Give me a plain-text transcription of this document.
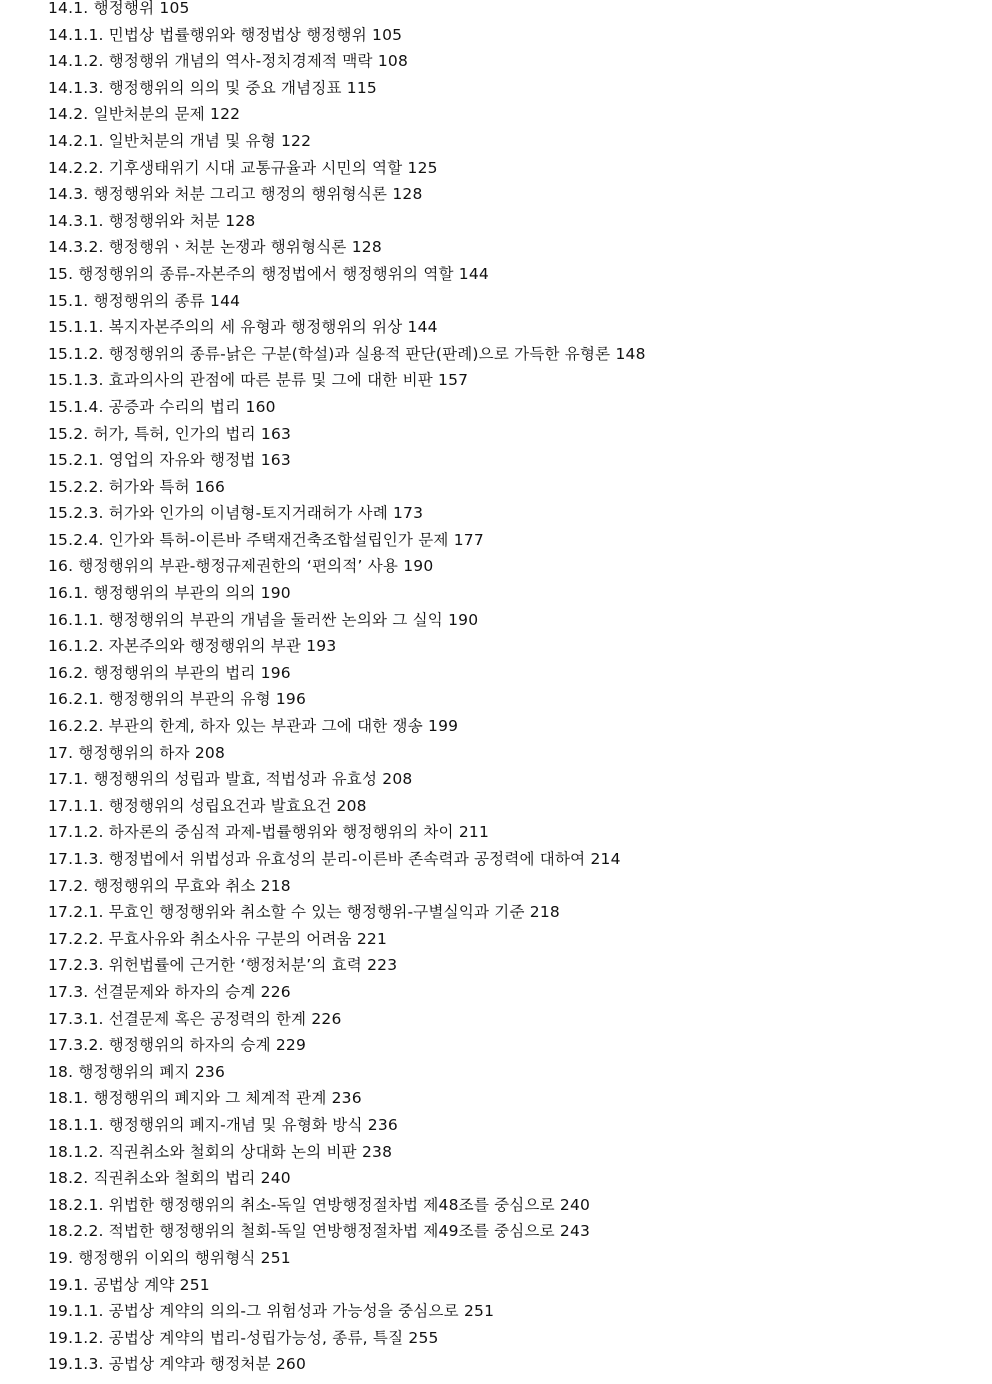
14.1. 행정행위 105
14.1.1. 민법상 법률행위와 행정법상 행정행위 105
14.1.2. 행정행위 개념의 역사-정치경제적 맥락 108
14.1.3. 행정행위의 의의 및 중요 개념징표 115
14.2. 일반처분의 문제 122
14.2.1. 일반처분의 개념 및 유형 122
14.2.2. 기후생태위기 시대 교통규율과 시민의 역할 125
14.3. 행정행위와 처분 그리고 행정의 행위형식론 128
14.3.1. 행정행위와 처분 128
14.3.2. 행정행위ㆍ처분 논쟁과 행위형식론 128
15. 행정행위의 종류-자본주의 행정법에서 행정행위의 역할 144
15.1. 행정행위의 종류 144
15.1.1. 복지자본주의의 세 유형과 행정행위의 위상 144
15.1.2. 행정행위의 종류-낡은 구분(학설)과 실용적 판단(판례)으로 가득한 유형론 148
15.1.3. 효과의사의 관점에 따른 분류 및 그에 대한 비판 157
15.1.4. 공증과 수리의 법리 160
15.2. 허가, 특허, 인가의 법리 163
15.2.1. 영업의 자유와 행정법 163
15.2.2. 허가와 특허 166
15.2.3. 허가와 인가의 이념형-토지거래허가 사례 173
15.2.4. 인가와 특허-이른바 주택재건축조합설립인가 문제 177
16. 행정행위의 부관-행정규제권한의 ‘편의적’ 사용 190
16.1. 행정행위의 부관의 의의 190
16.1.1. 행정행위의 부관의 개념을 둘러싼 논의와 그 실익 190
16.1.2. 자본주의와 행정행위의 부관 193
16.2. 행정행위의 부관의 법리 196
16.2.1. 행정행위의 부관의 유형 196
16.2.2. 부관의 한계, 하자 있는 부관과 그에 대한 쟁송 199
17. 행정행위의 하자 208
17.1. 행정행위의 성립과 발효, 적법성과 유효성 208
17.1.1. 행정행위의 성립요건과 발효요건 208
17.1.2. 하자론의 중심적 과제-법률행위와 행정행위의 차이 211
17.1.3. 행정법에서 위법성과 유효성의 분리-이른바 존속력과 공정력에 대하여 214
17.2. 행정행위의 무효와 취소 218
17.2.1. 무효인 행정행위와 취소할 수 있는 행정행위-구별실익과 기준 218
17.2.2. 무효사유와 취소사유 구분의 어려움 221
17.2.3. 위헌법률에 근거한 ‘행정처분’의 효력 223
17.3. 선결문제와 하자의 승계 226
17.3.1. 선결문제 혹은 공정력의 한계 226
17.3.2. 행정행위의 하자의 승계 229
18. 행정행위의 폐지 236
18.1. 행정행위의 폐지와 그 체계적 관계 236
18.1.1. 행정행위의 폐지-개념 및 유형화 방식 236
18.1.2. 직권취소와 철회의 상대화 논의 비판 238
18.2. 직권취소와 철회의 법리 240
18.2.1. 위법한 행정행위의 취소-독일 연방행정절차법 제48조를 중심으로 240
18.2.2. 적법한 행정행위의 철회-독일 연방행정절차법 제49조를 중심으로 243
19. 행정행위 이외의 행위형식 251
19.1. 공법상 계약 251
19.1.1. 공법상 계약의 의의-그 위험성과 가능성을 중심으로 251
19.1.2. 공법상 계약의 법리-성립가능성, 종류, 특질 255
19.1.3. 공법상 계약과 행정처분 260
